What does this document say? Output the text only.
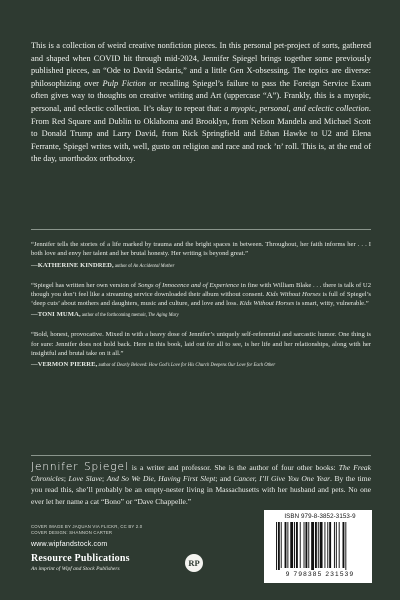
This is a collection of weird creative nonfiction pieces. In this personal pet-project of sorts, gathered and shaped when COVID hit through mid-2024, Jennifer Spiegel brings together some previously published pieces, an “Ode to David Sedaris,” and a little Gen X-obsessing. The topics are diverse: philosophizing over Pulp Fiction or recalling Spiegel’s failure to pass the Foreign Service Exam often gives way to thoughts on creative writing and Art (uppercase “A”). Frankly, this is a myopic, personal, and eclectic collection. It’s okay to repeat that: a myopic, personal, and eclectic collection. From Red Square and Dublin to Oklahoma and Brooklyn, from Nelson Mandela and Michael Scott to Donald Trump and Larry David, from Rick Springfield and Ethan Hawke to U2 and Elena Ferrante, Spiegel writes with, well, gusto on religion and race and rock ’n’ roll. This is, at the end of the day, unorthodox orthodoxy.

“Jennifer tells the stories of a life marked by trauma and the bright spaces in between. Throughout, her faith informs her . . . I both love and envy her talent and her brutal honesty. Her writing is beyond great.”

—KATHERINE KINDRED, author of An Accidental Mother

“Spiegel has written her own version of Songs of Innocence and of Experience in fine with William Blake . . . there is talk of U2 though you don’t feel like a streaming service downloaded their album without consent. Kids Without Horses is full of Spiegel’s ‘deep cuts’ about mothers and daughters, music and culture, and love and loss. Kids Without Horses is smart, witty, vulnerable.”

—TONI MUMA, author of the forthcoming memoir, The Aging Mary

“Bold, honest, provocative. Mixed in with a heavy dose of Jennifer’s uniquely self-referential and sarcastic humor. One thing is for sure: Jennifer does not hold back. Here in this book, laid out for all to see, is her life and her relationships, along with her insightful and brutal take on it all.”

—VERMON PIERRE, author of Dearly Beloved: How God’s Love for His Church Deepens Our Love for Each Other

Jennifer Spiegel is a writer and professor. She is the author of four other books: The Freak Chronicles; Love Slave; And So We Die, Having First Slept; and Cancer, I’ll Give You One Year. By the time you read this, she’ll probably be an empty-nester living in Massachusetts with her husband and pets. No one ever let her name a cat “Bono” or “Dave Chappelle.”
COVER IMAGE BY JAQUAN VIA FLICKR, CC BY 2.0
COVER DESIGN: SHANNON CARTER
www.wipfandstock.com
Resource Publications
An imprint of Wipf and Stock Publishers
RP
ISBN 979-8-3852-3153-9
9 798385 231539
